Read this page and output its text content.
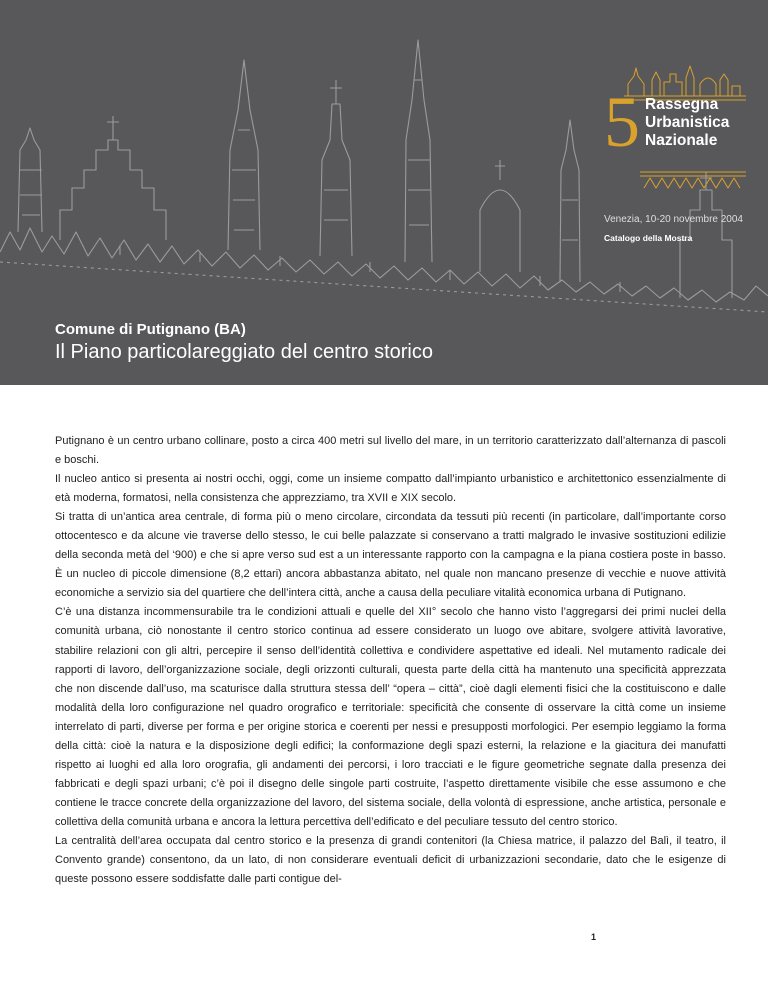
5 Rassegna
Urbanistica
Nazionale
Venezia, 10-20 novembre 2004
Catalogo della Mostra
Comune di Putignano (BA)
Il Piano particolareggiato del centro storico

Putignano è un centro urbano collinare, posto a circa 400 metri sul livello del mare, in un territorio caratterizzato dall’alternanza di pascoli e boschi.

Il nucleo antico si presenta ai nostri occhi, oggi, come un insieme compatto dall’impianto urbanistico e architettonico essenzialmente di età moderna, formatosi, nella consistenza che apprezziamo, tra XVII e XIX secolo.

Si tratta di un’antica area centrale, di forma più o meno circolare, circondata da tessuti più recenti (in particolare, dall’importante corso ottocentesco e da alcune vie traverse dello stesso, le cui belle palazzate si conservano a tratti malgrado le invasive sostituzioni edilizie della seconda metà del ‘900) e che si apre verso sud est a un interessante rapporto con la campagna e la piana costiera poste in basso. È un nucleo di piccole dimensione (8,2 ettari) ancora abbastanza abitato, nel quale non mancano presenze di vecchie e nuove attività economiche a servizio sia del quartiere che dell’intera città, anche a causa della peculiare vitalità economica urbana di Putignano.

C’è una distanza incommensurabile tra le condizioni attuali e quelle del XII° secolo che hanno visto l’aggregarsi dei primi nuclei della comunità urbana, ciò nonostante il centro storico continua ad essere considerato un luogo ove abitare, svolgere attività lavorative, stabilire relazioni con gli altri, percepire il senso dell’identità collettiva e condividere aspettative ed ideali. Nel mutamento radicale dei rapporti di lavoro, dell’organizzazione sociale, degli orizzonti culturali, questa parte della città ha mantenuto una specificità apprezzata che non discende dall’uso, ma scaturisce dalla struttura stessa dell’ “opera – città”, cioè dagli elementi fisici che la costituiscono e dalle modalità della loro configurazione nel quadro orografico e territoriale: specificità che consente di osservare la città come un insieme interrelato di parti, diverse per forma e per origine storica e coerenti per nessi e presupposti morfologici. Per esempio leggiamo la forma della città: cioè la natura e la disposizione degli edifici; la conformazione degli spazi esterni, la relazione e la giacitura dei manufatti rispetto ai luoghi ed alla loro orografia, gli andamenti dei percorsi, i loro tracciati e le figure geometriche segnate dalla presenza dei fabbricati e degli spazi urbani; c’è poi il disegno delle singole parti costruite, l’aspetto direttamente visibile che esse assumono e che contiene le tracce concrete della organizzazione del lavoro, del sistema sociale, della volontà di espressione, anche artistica, personale e collettiva della comunità urbana e ancora la lettura percettiva dell’edificato e del peculiare tessuto del centro storico.

La centralità dell’area occupata dal centro storico e la presenza di grandi contenitori (la Chiesa matrice, il palazzo del Balì, il teatro, il Convento grande) consentono, da un lato, di non considerare eventuali deficit di urbanizzazioni secondarie, dato che le esigenze di queste possono essere soddisfatte dalle parti contigue del-

1
